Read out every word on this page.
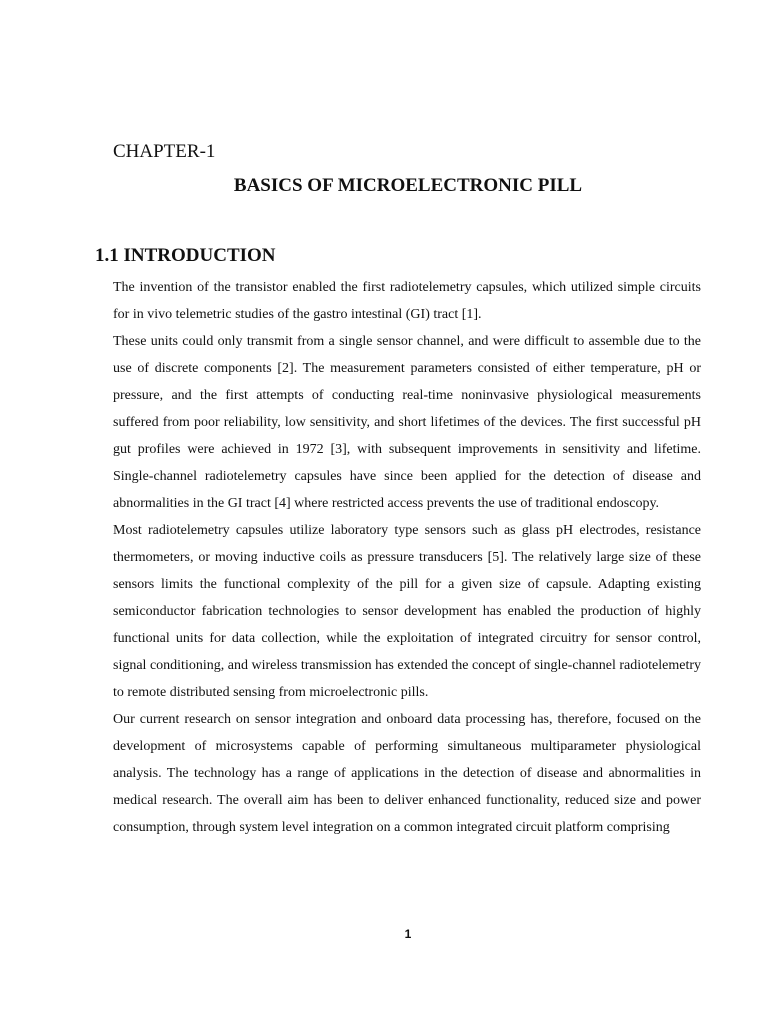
CHAPTER-1
BASICS OF MICROELECTRONIC PILL
1.1 INTRODUCTION

The invention of the transistor enabled the first radiotelemetry capsules, which utilized simple circuits for in vivo telemetric studies of the gastro intestinal (GI) tract [1].

These units could only transmit from a single sensor channel, and were difficult to assemble due to the use of discrete components [2]. The measurement parameters consisted of either temperature, pH or pressure, and the first attempts of conducting real-time noninvasive physiological measurements suffered from poor reliability, low sensitivity, and short lifetimes of the devices. The first successful pH gut profiles were achieved in 1972 [3], with subsequent improvements in sensitivity and lifetime. Single-channel radiotelemetry capsules have since been applied for the detection of disease and abnormalities in the GI tract [4] where restricted access prevents the use of traditional endoscopy.

Most radiotelemetry capsules utilize laboratory type sensors such as glass pH electrodes, resistance thermometers, or moving inductive coils as pressure transducers [5]. The relatively large size of these sensors limits the functional complexity of the pill for a given size of capsule. Adapting existing semiconductor fabrication technologies to sensor development has enabled the production of highly functional units for data collection, while the exploitation of integrated circuitry for sensor control, signal conditioning, and wireless transmission has extended the concept of single-channel radiotelemetry to remote distributed sensing from microelectronic pills.

Our current research on sensor integration and onboard data processing has, therefore, focused on the development of microsystems capable of performing simultaneous multiparameter physiological analysis. The technology has a range of applications in the detection of disease and abnormalities in medical research. The overall aim has been to deliver enhanced functionality, reduced size and power consumption, through system level integration on a common integrated circuit platform comprising

1
